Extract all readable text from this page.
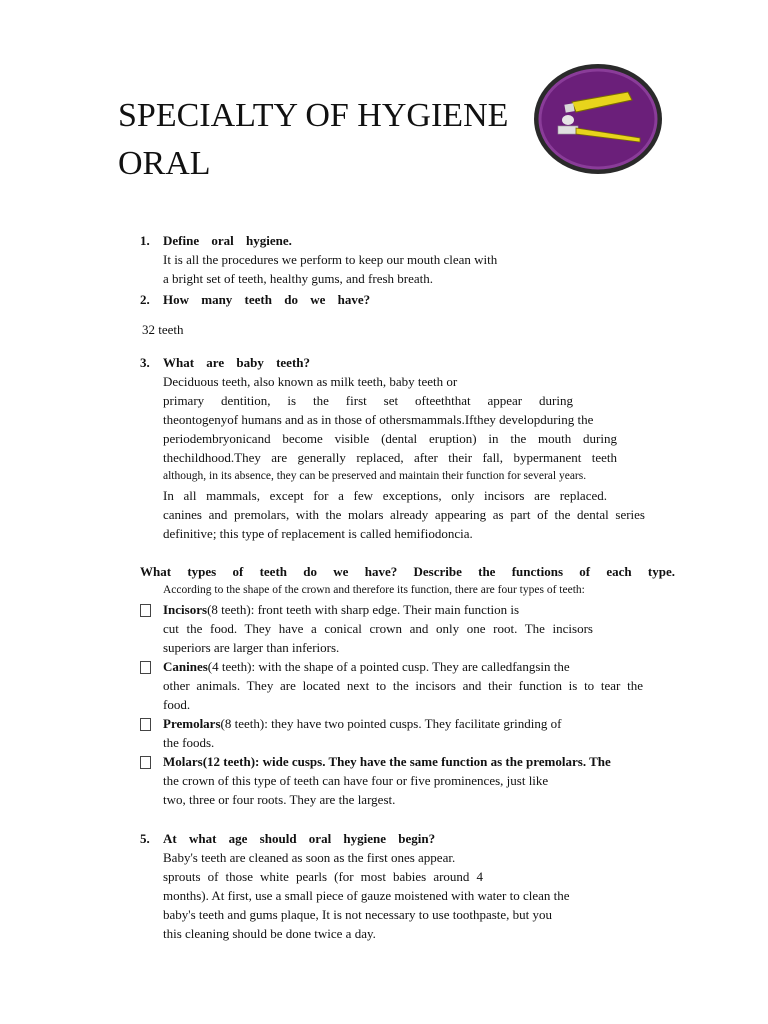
SPECIALTY OF HYGIENE
ORAL
1. Define oral hygiene.
It is all the procedures we perform to keep our mouth clean with
a bright set of teeth, healthy gums, and fresh breath.
2. How many teeth do we have?
32 teeth
3. What are baby teeth?
Deciduous teeth, also known as milk teeth, baby teeth or
primary dentition, is the first set ofteeththat appear during
theontogenyof humans and as in those of othersmammals.Ifthey developduring the
periodembryonicand become visible (dental eruption) in the mouth during
thechildhood.They are generally replaced, after their fall, bypermanent teeth
although, in its absence, they can be preserved and maintain their function for several years.
In all mammals, except for a few exceptions, only incisors are replaced.
canines and premolars, with the molars already appearing as part of the dental series
definitive; this type of replacement is called hemifiodoncia.
What types of teeth do we have? Describe the functions of each type.
According to the shape of the crown and therefore its function, there are four types of teeth:
Incisors(8 teeth): front teeth with sharp edge. Their main function is
cut the food. They have a conical crown and only one root. The incisors
superiors are larger than inferiors.
Canines(4 teeth): with the shape of a pointed cusp. They are calledfangsin the
other animals. They are located next to the incisors and their function is to tear the
food.
Premolars(8 teeth): they have two pointed cusps. They facilitate grinding of
the foods.
Molars(12 teeth): wide cusps. They have the same function as the premolars. The
the crown of this type of teeth can have four or five prominences, just like
two, three or four roots. They are the largest.
5. At what age should oral hygiene begin?
Baby's teeth are cleaned as soon as the first ones appear.
sprouts of those white pearls (for most babies around 4
months). At first, use a small piece of gauze moistened with water to clean the
baby's teeth and gums plaque, It is not necessary to use toothpaste, but you
this cleaning should be done twice a day.
